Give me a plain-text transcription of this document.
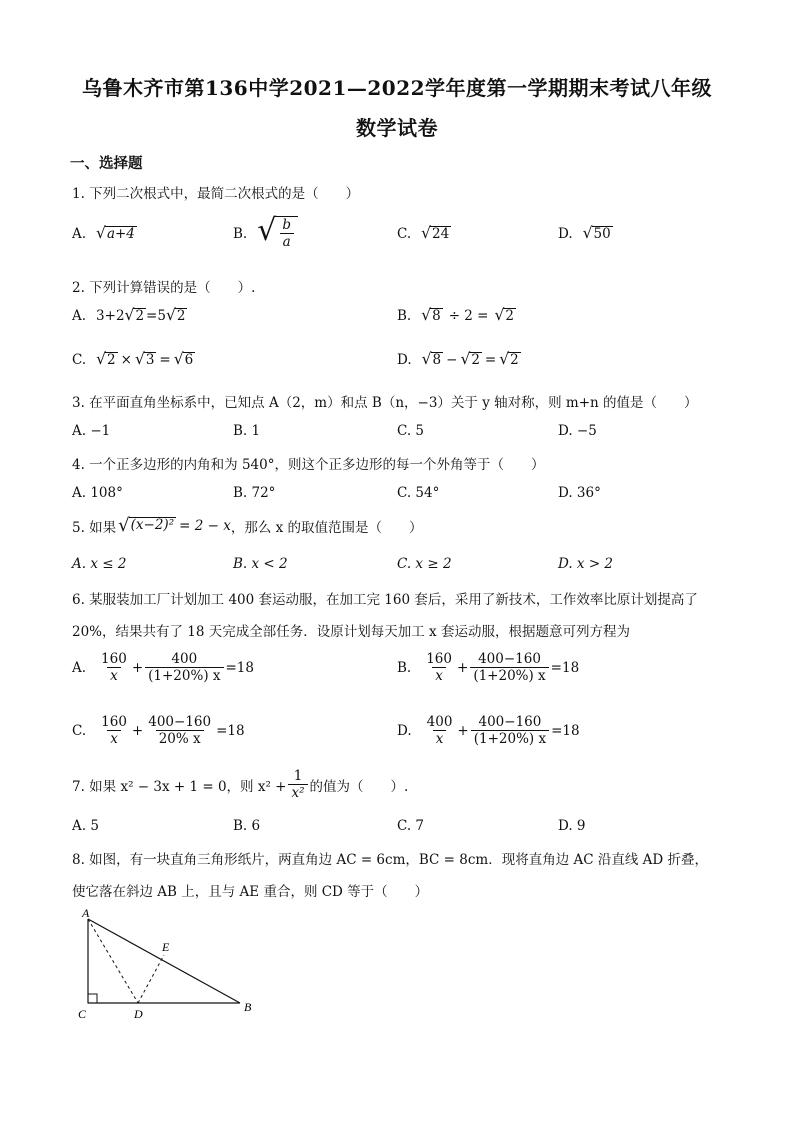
乌鲁木齐市第136中学2021—2022学年度第一学期期末考试八年级
数学试卷
一、选择题
1. 下列二次根式中，最简二次根式的是（　　）
A. √ a+4	B. √ $\frac{b}{a}$	C. √ 24	D. √ 50
2. 下列计算错误的是（　　）.
A. 3+2 √ 2 =5 √ 2	B. √ 8 ÷ 2 = √ 2
C. √ 2 × √ 3 = √ 6	D. √ 8 − √ 2 = √ 2
3. 在平面直角坐标系中，已知点 A（2，m）和点 B（n，−3）关于 y 轴对称，则 m+n 的值是（　　）
A. −1	B. 1	C. 5	D. −5
4. 一个正多边形的内角和为 540°，则这个正多边形的每一个外角等于（　　）
A. 108°	B. 72°	C. 54°	D. 36°
5. 如果 √ (x−2)² = 2 − x ，那么 x 的取值范围是（　　）
A. x ≤ 2	B. x < 2	C. x ≥ 2	D. x > 2
6. 某服装加工厂计划加工 400 套运动服，在加工完 160 套后，采用了新技术，工作效率比原计划提高了
20%，结果共有了 18 天完成全部任务．设原计划每天加工 x 套运动服，根据题意可列方程为
A. $\frac{160}{x} + \frac{400}{(1+20\%) x} =18$	B. $\frac{160}{x} + \frac{400-160}{(1+20\%) x} =18$
C. $\frac{160}{x} + \frac{400-160}{20\% x} =18$	D. $\frac{400}{x} + \frac{400-160}{(1+20\%) x} =18$
7. 如果 x² − 3x + 1 = 0，则 $x^2 + \frac{1}{\text{x²}}$ 的值为（　　）.
A. 5	B. 6	C. 7	D. 9
8. 如图，有一块直角三角形纸片，两直角边 AC = 6cm，BC = 8cm．现将直角边 AC 沿直线 AD 折叠，
使它落在斜边 AB 上，且与 AE 重合，则 CD 等于（　　）
A
C	D	B
E
